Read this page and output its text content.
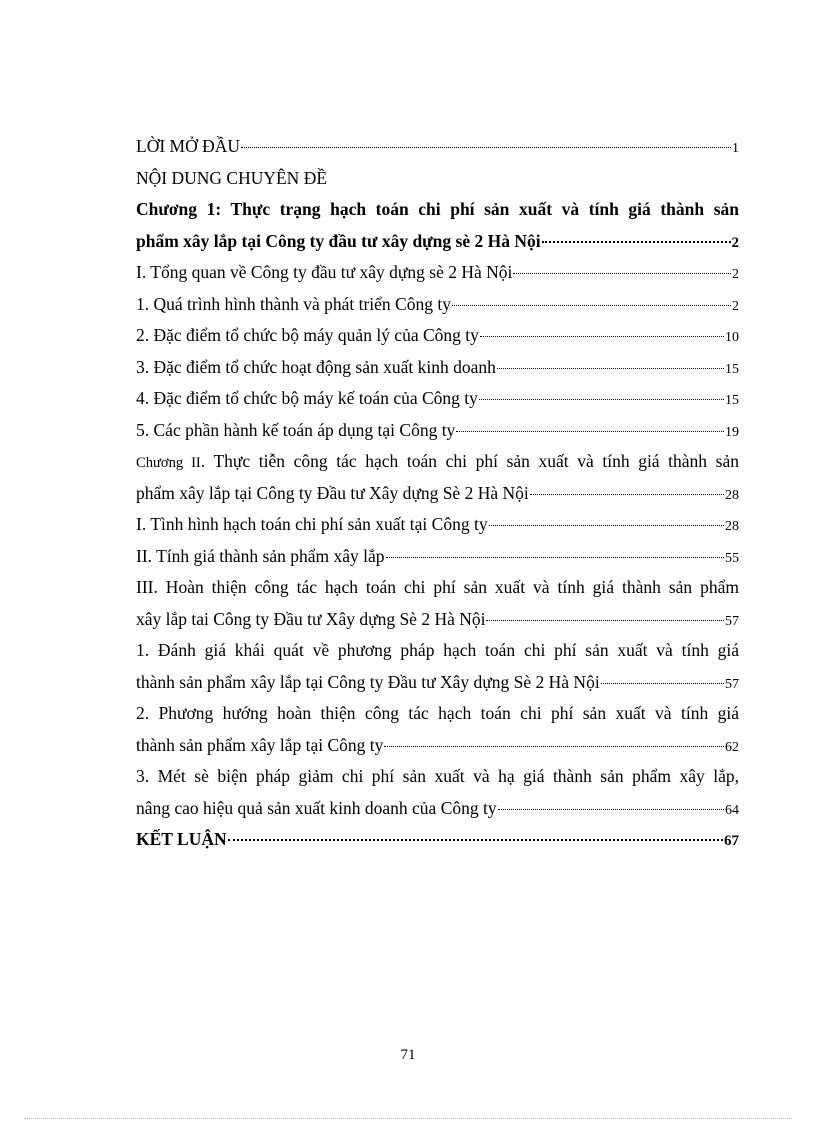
LỜI MỞ ĐẦU	1
NỘI DUNG CHUYÊN ĐỀ
Chương 1: Thực trạng hạch toán chi phí sản xuất và tính giá thành sản
phẩm xây lắp tại Công ty đầu tư xây dựng sè 2 Hà Nội	2
I. Tổng quan về Công ty đầu tư xây dựng sè 2 Hà Nội	2
1. Quá trình hình thành và phát triển Công ty	2
2. Đặc điểm tổ chức bộ máy quản lý của Công ty	10
3. Đặc điểm tổ chức hoạt động sản xuất kinh doanh	15
4. Đặc điểm tổ chức bộ máy kế toán của Công ty	15
5. Các phần hành kế toán áp dụng tại Công ty	19
Chương II. Thực tiễn công tác hạch toán chi phí sản xuất và tính giá thành sản
phẩm xây lắp tại Công ty Đầu tư Xây dựng Sè 2 Hà Nội	28
I. Tình hình hạch toán chi phí sản xuất tại Công ty	28
II. Tính giá thành sản phẩm xây lắp	55
III. Hoàn thiện công tác hạch toán chi phí sản xuất và tính giá thành sản phẩm
xây lắp tai Công ty Đầu tư Xây dựng Sè 2 Hà Nội	57
1. Đánh giá khái quát về phương pháp hạch toán chi phí sản xuất và tính giá
thành sản phẩm xây lắp tại Công ty Đầu tư Xây dựng Sè 2 Hà Nội	57
2. Phương hướng hoàn thiện công tác hạch toán chi phí sản xuất và tính giá
thành sản phẩm xây lắp tại Công ty	62
3. Mét sè biện pháp giảm chi phí sản xuất và hạ giá thành sản phẩm xây lắp,
nâng cao hiệu quả sản xuất kinh doanh của Công ty	64
KẾT LUẬN	67
71
